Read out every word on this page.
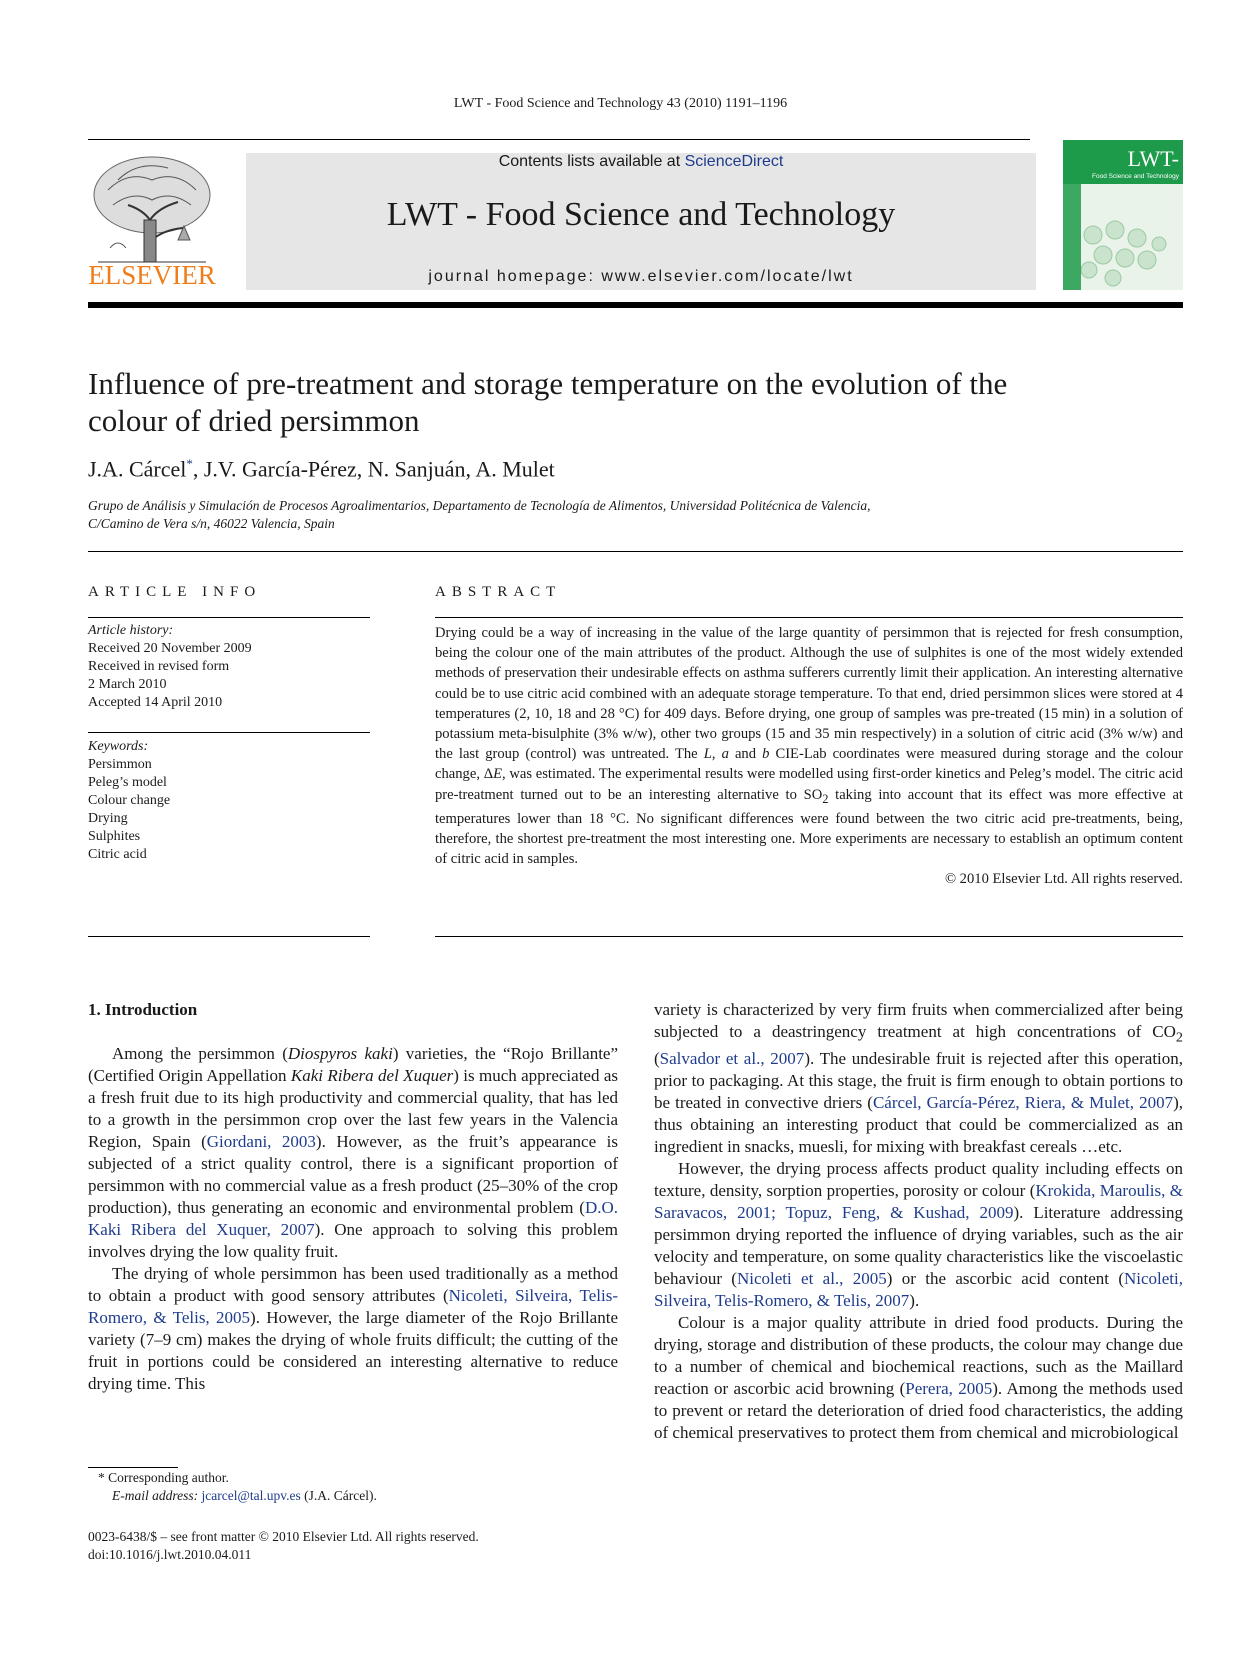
LWT - Food Science and Technology 43 (2010) 1191–1196
ELSEVIER
Contents lists available at ScienceDirect
LWT - Food Science and Technology
journal homepage: www.elsevier.com/locate/lwt
LWT-
Food Science and Technology
Influence of pre-treatment and storage temperature on the evolution of the colour of dried persimmon
J.A. Cárcel*, J.V. García-Pérez, N. Sanjuán, A. Mulet
Grupo de Análisis y Simulación de Procesos Agroalimentarios, Departamento de Tecnología de Alimentos, Universidad Politécnica de Valencia,
C/Camino de Vera s/n, 46022 Valencia, Spain
ARTICLE INFO	ABSTRACT
Article history:
Received 20 November 2009
Received in revised form
2 March 2010
Accepted 14 April 2010
Keywords:
Persimmon
Peleg’s model
Colour change
Drying
Sulphites
Citric acid
Drying could be a way of increasing in the value of the large quantity of persimmon that is rejected for fresh consumption, being the colour one of the main attributes of the product. Although the use of sulphites is one of the most widely extended methods of preservation their undesirable effects on asthma sufferers currently limit their application. An interesting alternative could be to use citric acid combined with an adequate storage temperature. To that end, dried persimmon slices were stored at 4 temperatures (2, 10, 18 and 28 °C) for 409 days. Before drying, one group of samples was pre-treated (15 min) in a solution of potassium meta-bisulphite (3% w/w), other two groups (15 and 35 min respectively) in a solution of citric acid (3% w/w) and the last group (control) was untreated. The L, a and b CIE-Lab coordinates were measured during storage and the colour change, ΔE, was estimated. The experimental results were modelled using first-order kinetics and Peleg’s model. The citric acid pre-treatment turned out to be an interesting alternative to $SO_2$ taking into account that its effect was more effective at temperatures lower than 18 °C. No significant differences were found between the two citric acid pre-treatments, being, therefore, the shortest pre-treatment the most interesting one. More experiments are necessary to establish an optimum content of citric acid in samples.
© 2010 Elsevier Ltd. All rights reserved.
1. Introduction

Among the persimmon (Diospyros kaki) varieties, the “Rojo Brillante” (Certified Origin Appellation Kaki Ribera del Xuquer) is much appreciated as a fresh fruit due to its high productivity and commercial quality, that has led to a growth in the persimmon crop over the last few years in the Valencia Region, Spain (Giordani, 2003). However, as the fruit’s appearance is subjected of a strict quality control, there is a significant proportion of persimmon with no commercial value as a fresh product (25–30% of the crop production), thus generating an economic and environmental problem (D.O. Kaki Ribera del Xuquer, 2007). One approach to solving this problem involves drying the low quality fruit.

The drying of whole persimmon has been used traditionally as a method to obtain a product with good sensory attributes (Nicoleti, Silveira, Telis-Romero, & Telis, 2005). However, the large diameter of the Rojo Brillante variety (7–9 cm) makes the drying of whole fruits difficult; the cutting of the fruit in portions could be considered an interesting alternative to reduce drying time. This

variety is characterized by very firm fruits when commercialized after being subjected to a deastringency treatment at high concentrations of $CO_2$ (Salvador et al., 2007). The undesirable fruit is rejected after this operation, prior to packaging. At this stage, the fruit is firm enough to obtain portions to be treated in convective driers (Cárcel, García-Pérez, Riera, & Mulet, 2007), thus obtaining an interesting product that could be commercialized as an ingredient in snacks, muesli, for mixing with breakfast cereals …etc.

However, the drying process affects product quality including effects on texture, density, sorption properties, porosity or colour (Krokida, Maroulis, & Saravacos, 2001; Topuz, Feng, & Kushad, 2009). Literature addressing persimmon drying reported the influence of drying variables, such as the air velocity and temperature, on some quality characteristics like the viscoelastic behaviour (Nicoleti et al., 2005) or the ascorbic acid content (Nicoleti, Silveira, Telis-Romero, & Telis, 2007).

Colour is a major quality attribute in dried food products. During the drying, storage and distribution of these products, the colour may change due to a number of chemical and biochemical reactions, such as the Maillard reaction or ascorbic acid browning (Perera, 2005). Among the methods used to prevent or retard the deterioration of dried food characteristics, the adding of chemical preservatives to protect them from chemical and microbiological

* Corresponding author.
E-mail address: jcarcel@tal.upv.es (J.A. Cárcel).
0023-6438/$ – see front matter © 2010 Elsevier Ltd. All rights reserved.
doi:10.1016/j.lwt.2010.04.011
